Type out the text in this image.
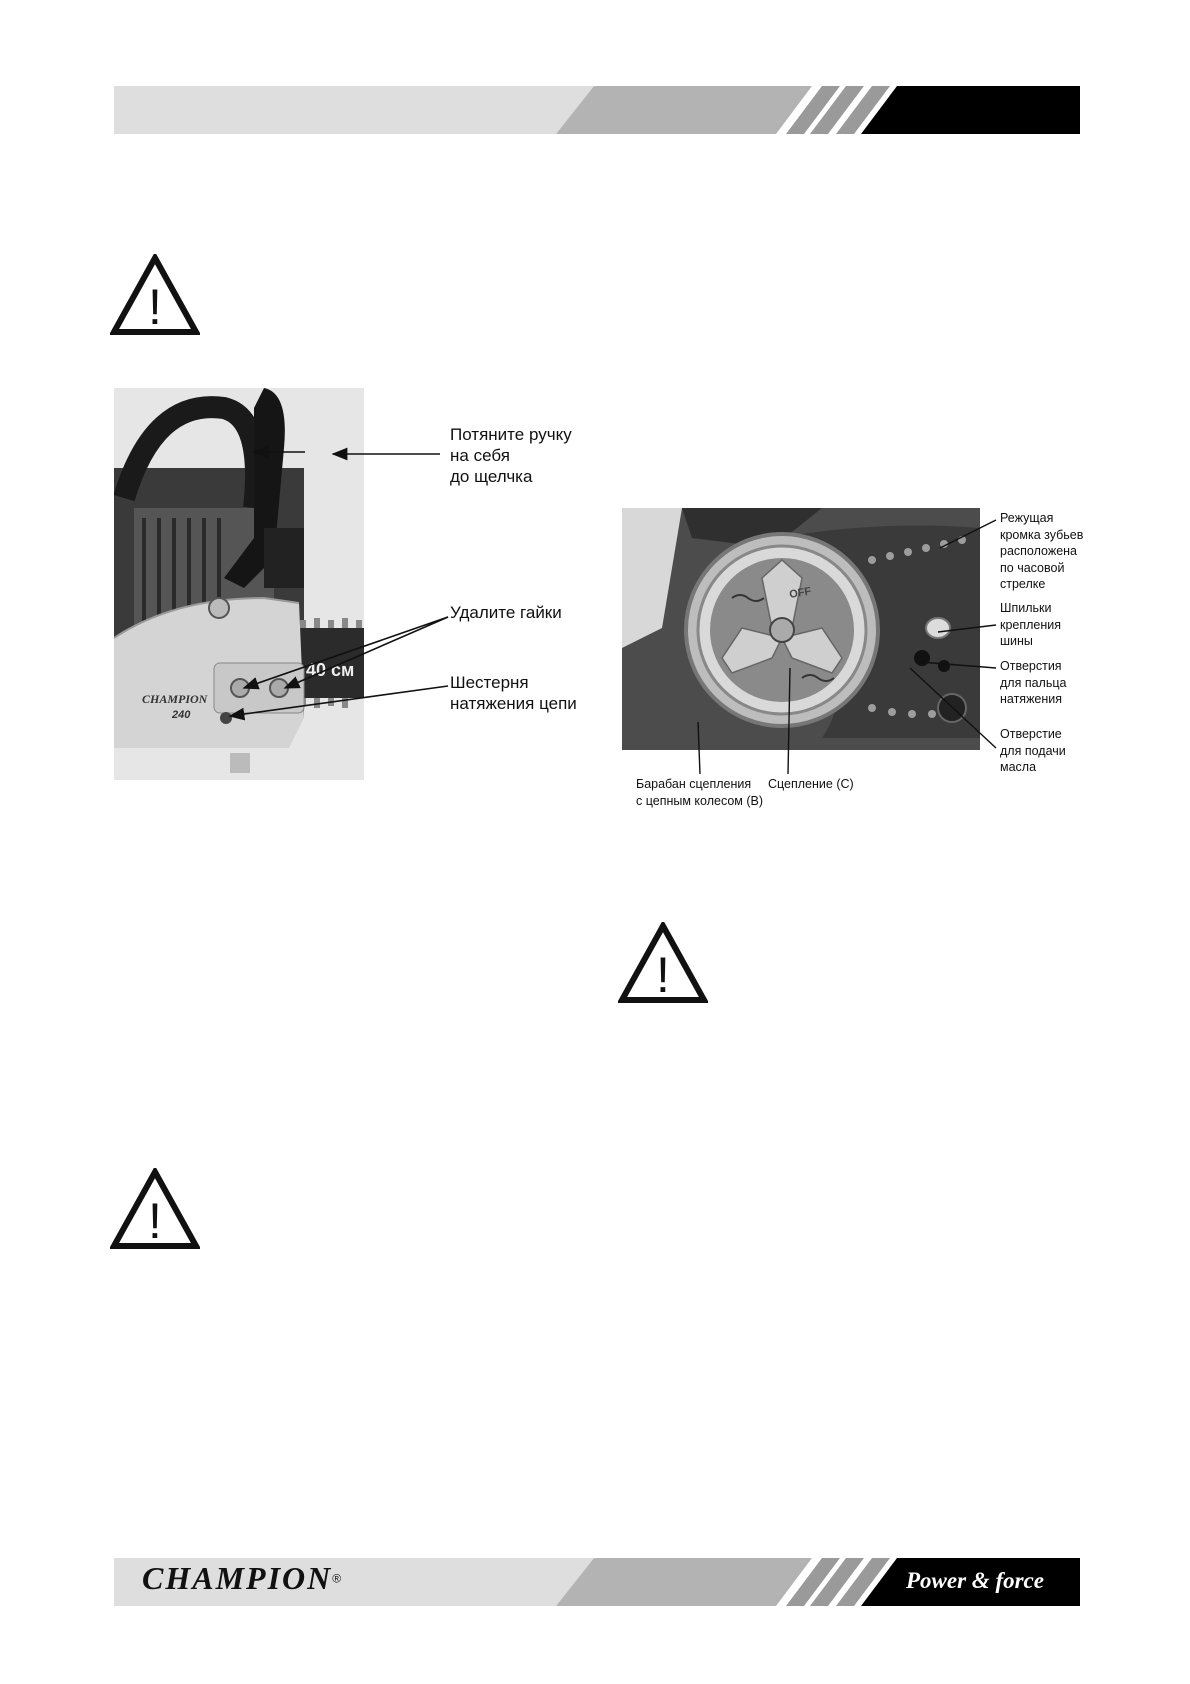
!
40 см
CHAMPION
240
Потяните ручку
на себя
до щелчка
Удалите гайки
Шестерня
натяжения цепи
OFF
Режущая
кромка зубьев
расположена
по часовой
стрелке
Шпильки
крепления
шины
Отверстия
для пальца
натяжения
Отверстие
для подачи
масла
Барабан сцепления
с цепным колесом (B)
Сцепление (C)
!
!
CHAMPION®	Power & force
